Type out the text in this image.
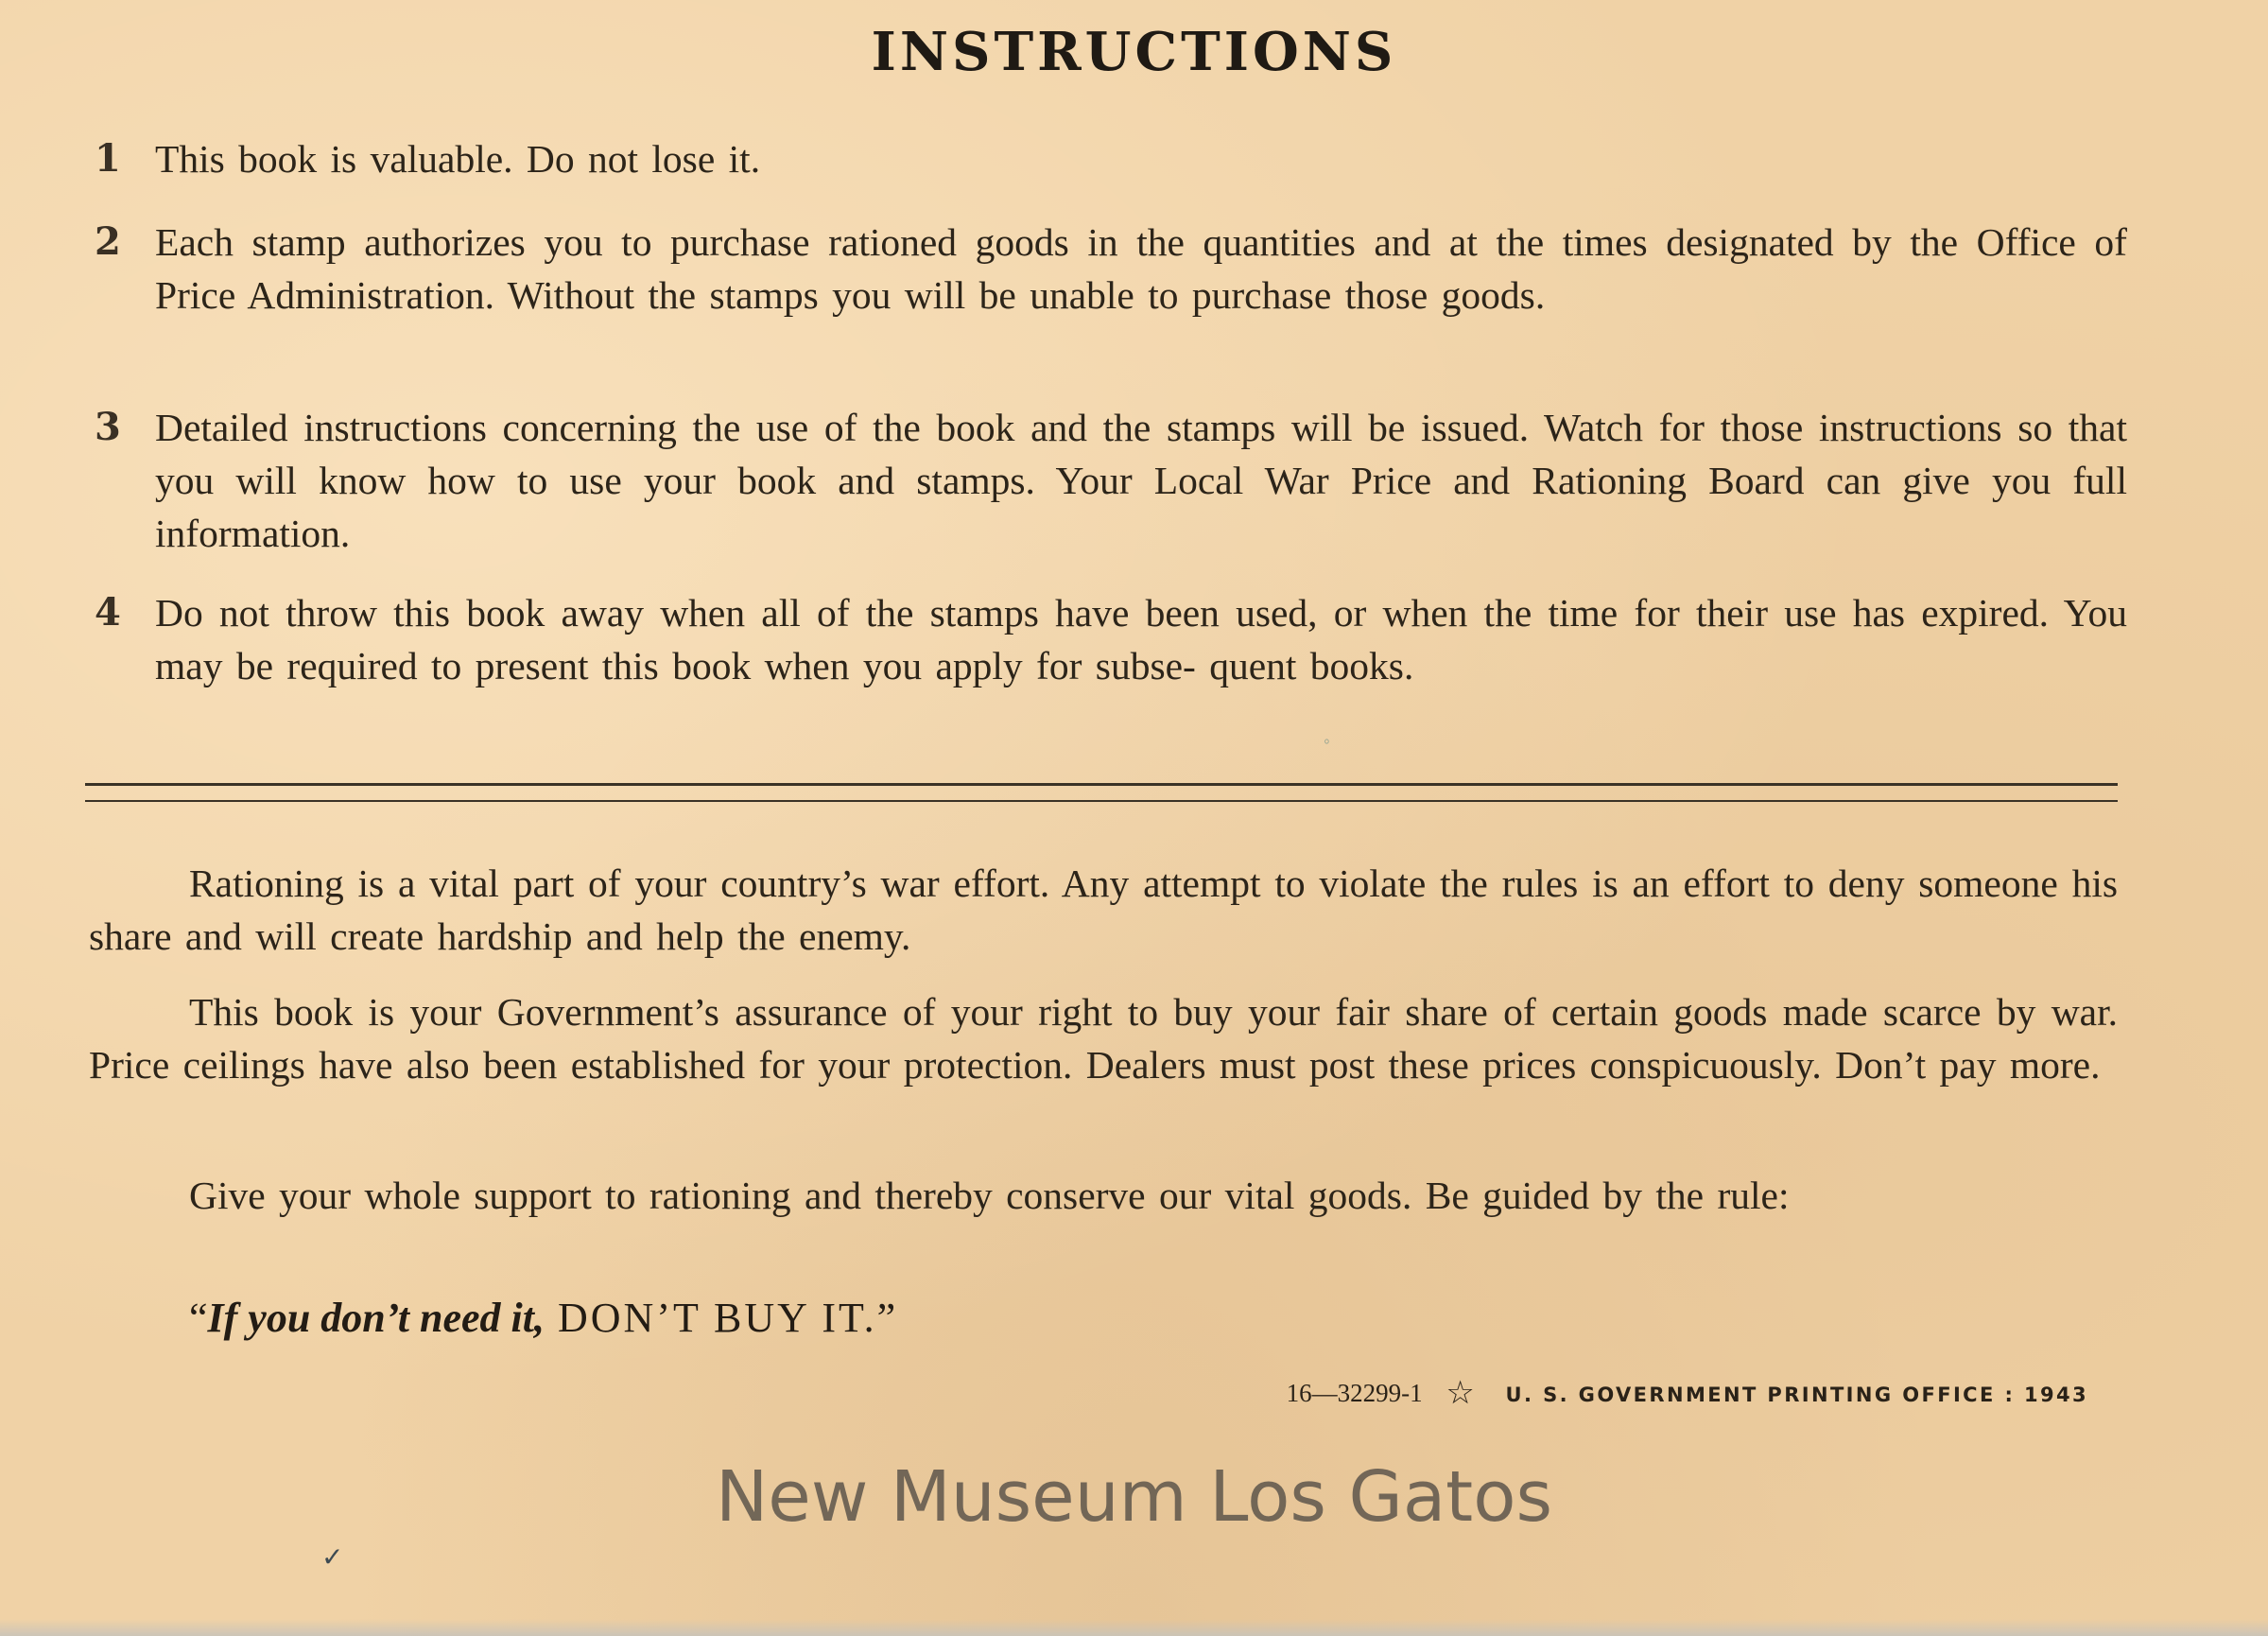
INSTRUCTIONS
1 This book is valuable. Do not lose it.
2 Each stamp authorizes you to purchase rationed goods in the quantities and at the times designated by the Office of Price Administration. Without the stamps you will be unable to purchase those goods.
3 Detailed instructions concerning the use of the book and the stamps will be issued. Watch for those instructions so that you will know how to use your book and stamps. Your Local War Price and Rationing Board can give you full information.
4 Do not throw this book away when all of the stamps have been used, or when the time for their use has expired. You may be required to present this book when you apply for subse- quent books.
ﾟ
Rationing is a vital part of your country’s war effort. Any attempt to violate the rules is an effort to deny someone his share and will create hardship and help the enemy.
This book is your Government’s assurance of your right to buy your fair share of certain goods made scarce by war. Price ceilings have also been established for your protection. Dealers must post these prices conspicuously. Don’t pay more.
Give your whole support to rationing and thereby conserve our vital goods. Be guided by the rule:
“If you don’t need it, DON’T BUY IT.”
16—32299-1 ☆ U. S. GOVERNMENT PRINTING OFFICE : 1943
New Museum Los Gatos
✓
